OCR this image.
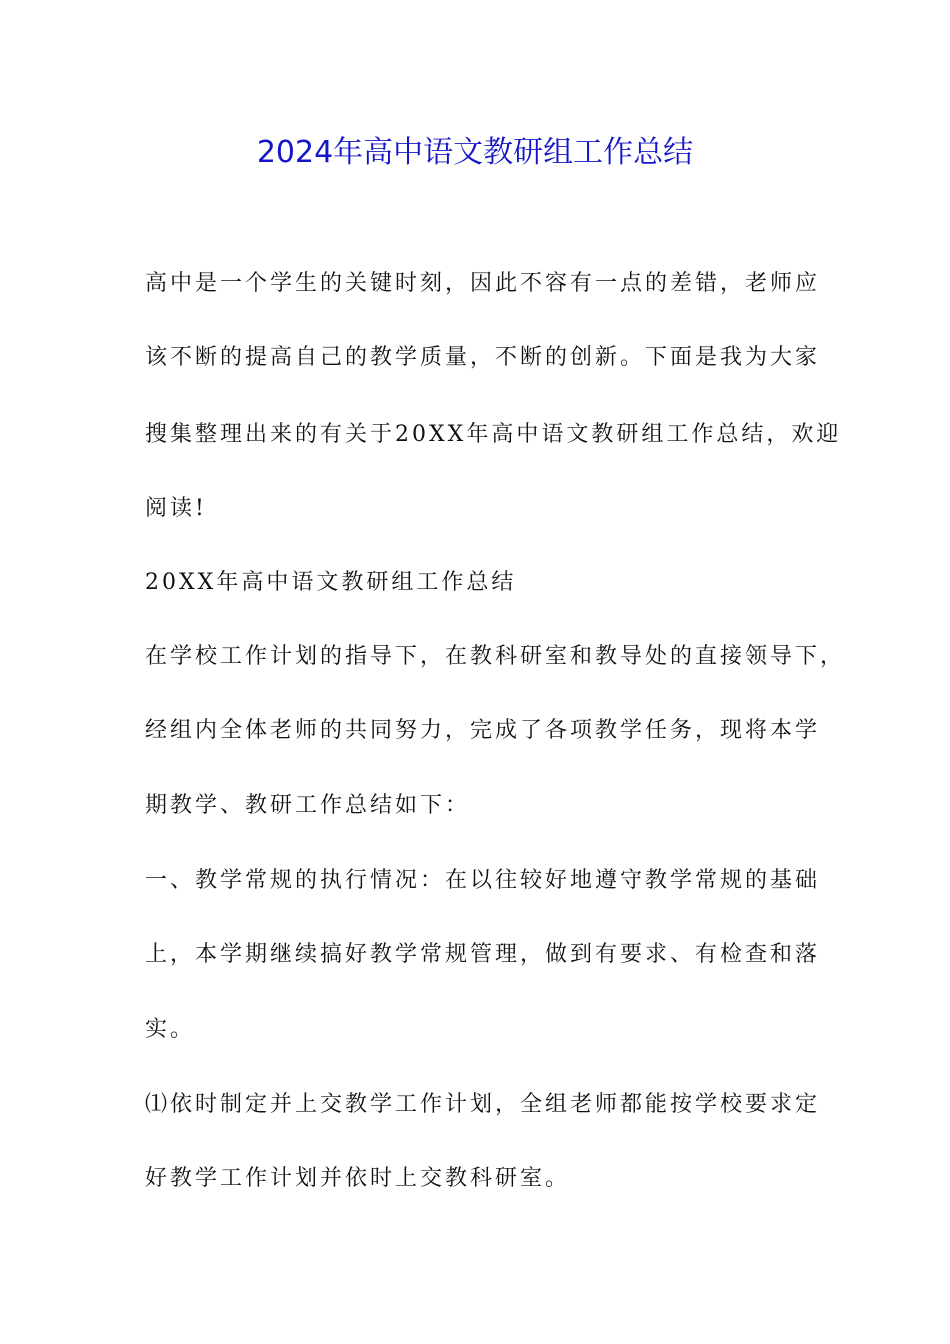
2024年高中语文教研组工作总结
高中是一个学生的关键时刻，因此不容有一点的差错，老师应
该不断的提高自己的教学质量，不断的创新。下面是我为大家
搜集整理出来的有关于20XX年高中语文教研组工作总结，欢迎
阅读!
20XX年高中语文教研组工作总结
在学校工作计划的指导下，在教科研室和教导处的直接领导下，
经组内全体老师的共同努力，完成了各项教学任务，现将本学
期教学、教研工作总结如下：
一、教学常规的执行情况：在以往较好地遵守教学常规的基础
上，本学期继续搞好教学常规管理，做到有要求、有检查和落
实。
⑴依时制定并上交教学工作计划，全组老师都能按学校要求定
好教学工作计划并依时上交教科研室。
